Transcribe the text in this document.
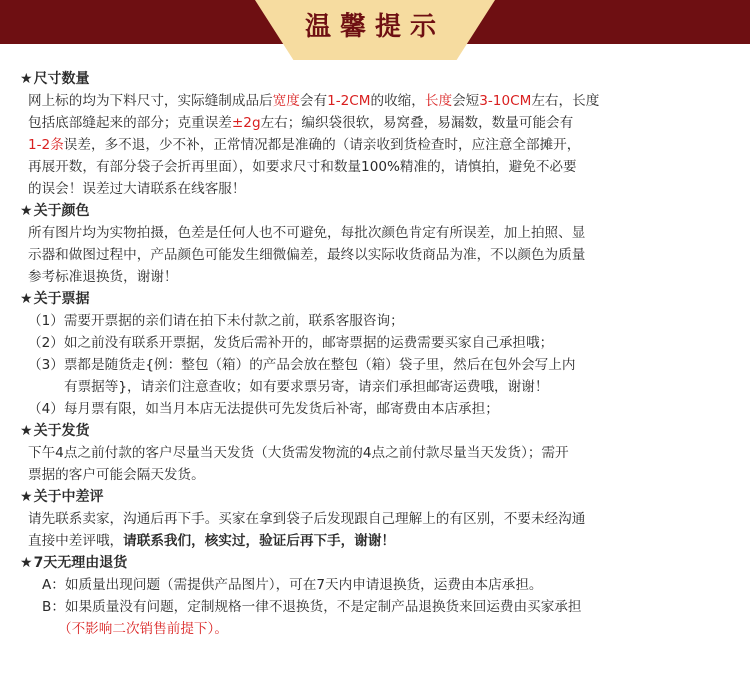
温馨提示
★尺寸数量
网上标的均为下料尺寸，实际缝制成品后宽度会有1-2CM的收缩，长度会短3-10CM左右，长度
包括底部缝起来的部分；克重误差±2g左右；编织袋很软，易窝叠，易漏数，数量可能会有
1-2条误差，多不退，少不补，正常情况都是准确的（请亲收到货检查时，应注意全部摊开，
再展开数，有部分袋子会折再里面），如要求尺寸和数量100%精准的，请慎拍，避免不必要
的误会！误差过大请联系在线客服！
★关于颜色
所有图片均为实物拍摄，色差是任何人也不可避免，每批次颜色肯定有所误差，加上拍照、显
示器和做图过程中，产品颜色可能发生细微偏差，最终以实际收货商品为准，不以颜色为质量
参考标准退换货，谢谢！
★关于票据
（1）需要开票据的亲们请在拍下未付款之前，联系客服咨询；
（2）如之前没有联系开票据，发货后需补开的，邮寄票据的运费需要买家自己承担哦；
（3）票都是随货走{例：整包（箱）的产品会放在整包（箱）袋子里，然后在包外会写上内
有票据等}，请亲们注意查收；如有要求票另寄，请亲们承担邮寄运费哦，谢谢！
（4）每月票有限，如当月本店无法提供可先发货后补寄，邮寄费由本店承担；
★关于发货
下午4点之前付款的客户尽量当天发货（大货需发物流的4点之前付款尽量当天发货）；需开
票据的客户可能会隔天发货。
★关于中差评
请先联系卖家，沟通后再下手。买家在拿到袋子后发现跟自己理解上的有区别，不要未经沟通
直接中差评哦，请联系我们，核实过，验证后再下手，谢谢！
★7天无理由退货
A：如质量出现问题（需提供产品图片），可在7天内申请退换货，运费由本店承担。
B：如果质量没有问题，定制规格一律不退换货，不是定制产品退换货来回运费由买家承担
（不影响二次销售前提下）。
